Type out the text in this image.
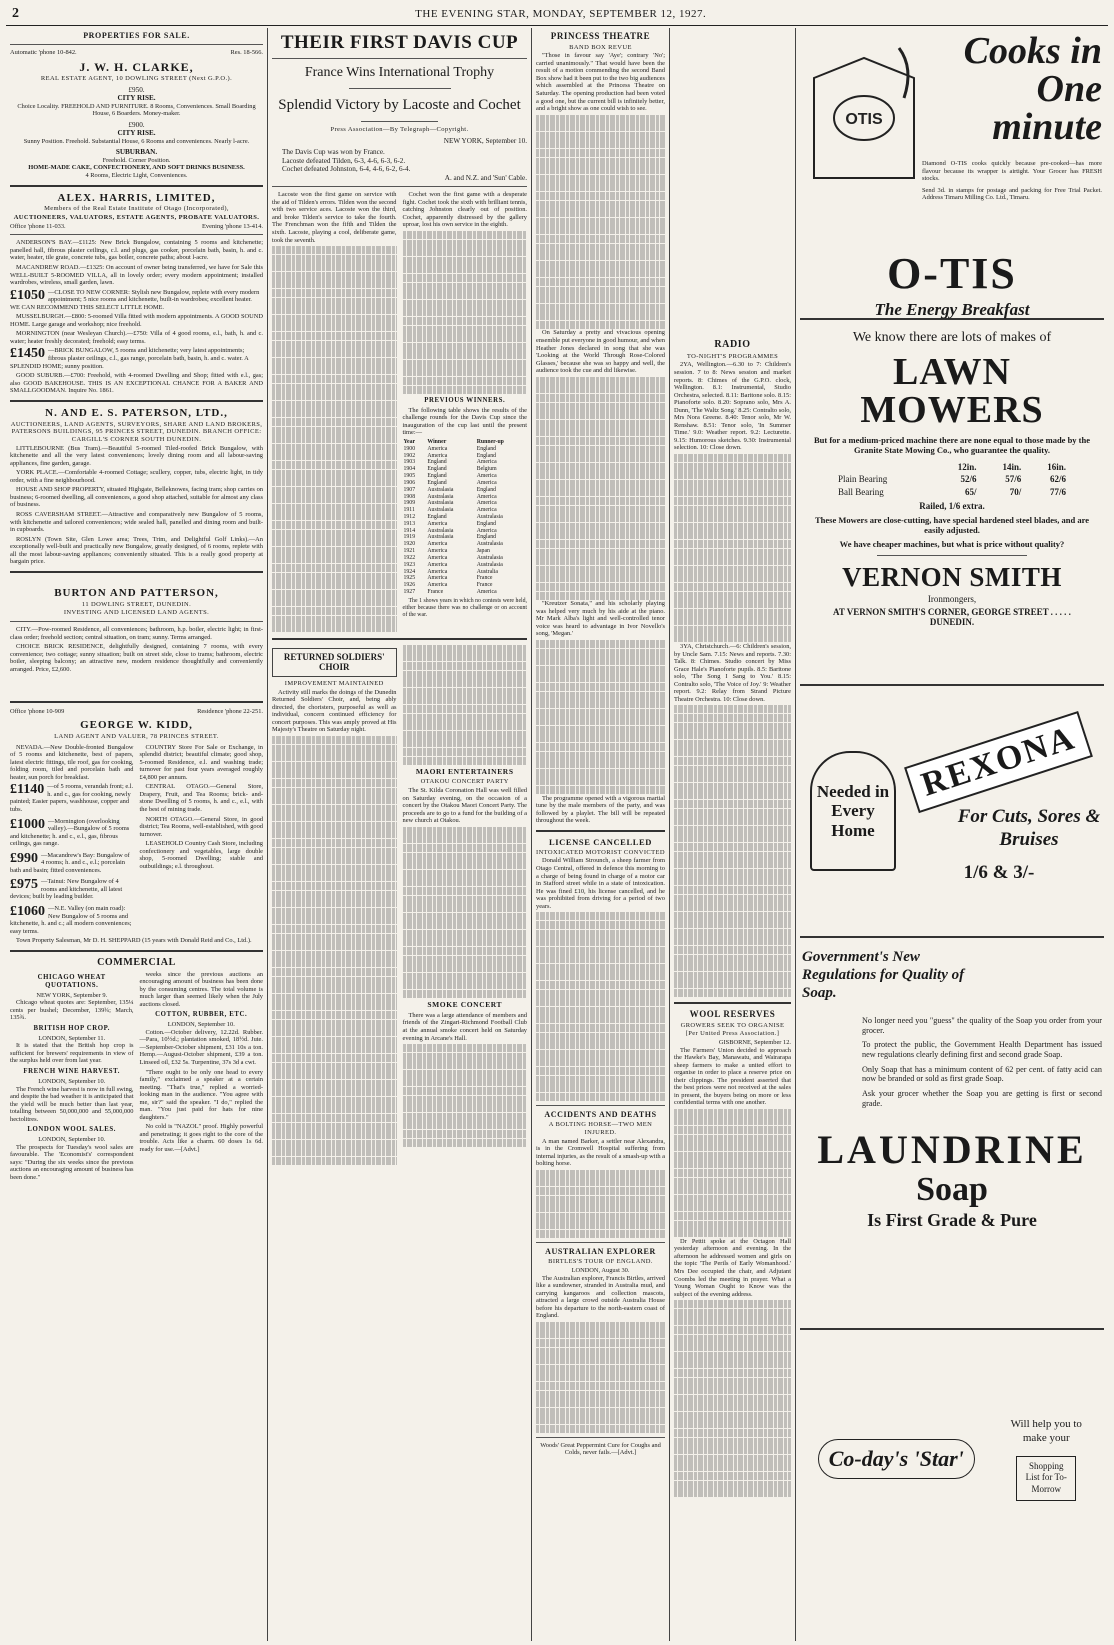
2	THE EVENING STAR, MONDAY, SEPTEMBER 12, 1927.
PROPERTIES FOR SALE.
Automatic 'phone 10-842.	Res. 18-566.
J. W. H. CLARKE,
REAL ESTATE AGENT, 10 DOWLING STREET (Next G.P.O.).
£950.
CITY RISE.
Choice Locality. FREEHOLD AND FURNITURE. 8 Rooms, Conveniences. Small Boarding House, 6 Boarders. Money-maker.
£900.
CITY RISE.
Sunny Position. Freehold. Substantial House, 6 Rooms and conveniences. Nearly l-acre.
SUBURBAN.
Freehold. Corner Position.
HOME-MADE CAKE, CONFECTIONERY, AND SOFT DRINKS BUSINESS.
4 Rooms, Electric Light, Conveniences.
ALEX. HARRIS, LIMITED,
Members of the Real Estate Institute of Otago (Incorporated),
AUCTIONEERS, VALUATORS, ESTATE AGENTS, PROBATE VALUATORS.
Office 'phone 11-033.	Evening 'phone 13-414.

ANDERSON'S BAY.—£1125: New Brick Bungalow, containing 5 rooms and kitchenette; panelled hall, fibrous plaster ceilings, c.l. and plugs, gas cooker, porcelain bath, basin, h. and c. water, heater, tile grate, concrete tubs, gas boiler, concrete paths; about l-acre.

MACANDREW ROAD.—£1325: On account of owner being transferred, we have for Sale this WELL-BUILT 5-ROOMED VILLA, all in lovely order; every modern appointment; installed wardrobes, wireless, small garden, lawn.

£1050 —CLOSE TO NEW CORNER: Stylish new Bungalow, replete with every modern appointment; 5 nice rooms and kitchenette, built-in wardrobes; excellent heater. WE CAN RECOMMEND THIS SELECT LITTLE HOME.

MUSSELBURGH.—£800: 5-roomed Villa fitted with modern appointments. A GOOD SOUND HOME. Large garage and workshop; nice freehold.

MORNINGTON (near Wesleyan Church).—£750: Villa of 4 good rooms, e.l., bath, h. and c. water; heater freshly decorated; freehold; easy terms.

£1450 —BRICK BUNGALOW, 5 rooms and kitchenette; very latest appointments; fibrous plaster ceilings, c.l., gas range, porcelain bath, basin, h. and c. water. A SPLENDID HOME; sunny position.

GOOD SUBURB.—£700: Freehold, with 4-roomed Dwelling and Shop; fitted with e.l., gas; also GOOD BAKEHOUSE. THIS IS AN EXCEPTIONAL CHANCE FOR A BAKER AND SMALLGOODMAN. Inquire No. 1861.

N. AND E. S. PATERSON, LTD.,
AUCTIONEERS, LAND AGENTS, SURVEYORS, SHARE AND LAND BROKERS, PATERSONS BUILDINGS, 95 PRINCES STREET, DUNEDIN. BRANCH OFFICE: CARGILL'S CORNER SOUTH DUNEDIN.

LITTLEBOURNE (Bus Tram).—Beautiful 5-roomed Tiled-roofed Brick Bungalow, with kitchenette and all the very latest conveniences; lovely dining room and all labour-saving appliances, fine garden, garage.

YORK PLACE.—Comfortable 4-roomed Cottage; scullery, copper, tubs, electric light, in tidy order, with a fine neighbourhood.

HOUSE AND SHOP PROPERTY, situated Highgate, Belleknowes, facing tram; shop carries on business; 6-roomed dwelling, all conveniences, a good shop attached, suitable for almost any class of business.

ROSS CAVERSHAM STREET.—Attractive and comparatively new Bungalow of 5 rooms, with kitchenette and tailored conveniences; wide sealed hall, panelled and dining room and built-in cupboards.

ROSLYN (Town Site, Glen Lowe area; Trees, Trim, and Delightful Golf Links).—An exceptionally well-built and practically new Bungalow, greatly designed, of 6 rooms, replete with all the most labour-saving appliances; conveniently situated. This is a really good property at bargain price.

BURTON AND PATTERSON,
11 DOWLING STREET, DUNEDIN.
INVESTING AND LICENSED LAND AGENTS.

CITY.—Pow-roomed Residence, all conveniences; bathroom, h.p. boiler, electric light; in first-class order; freehold section; central situation, on tram; sunny. Terms arranged.

CHOICE BRICK RESIDENCE, delightfully designed, containing 7 rooms, with every convenience; two cottage; sunny situation; built on street side, close to trams; bathroom, electric boiler, sleeping balcony; an attractive new, modern residence thoughtfully and conveniently arranged. Price, £2,600.

Office 'phone 10-909	Residence 'phone 22-251.
GEORGE W. KIDD,
LAND AGENT AND VALUER, 78 PRINCES STREET.

NEVADA.—New Double-fronted Bungalow of 5 rooms and kitchenette, best of papers, latest electric fittings, tile roof, gas for cooking, folding room, tiled and porcelain bath and heater, sun porch for breakfast.

£1140 —of 5 rooms, verandah front; e.l. h. and c., gas for cooking, newly painted; Easier papers, washhouse, copper and tubs.
£1000 —Mornington (overlooking valley).—Bungalow of 5 rooms and kitchenette; h. and c., e.l., gas, fibrous ceilings, gas range.
£990 —Macandrew's Bay: Bungalow of 4 rooms; h. and c., e.l.; porcelain bath and basin; fitted conveniences.
£975 —Tainui: New Bungalow of 4 rooms and kitchenette, all latest devices; built by leading builder.
£1060 —N.E. Valley (on main road): New Bungalow of 5 rooms and kitchenette, h. and c.; all modern conveniences; easy terms.

COUNTRY Store For Sale or Exchange, in splendid district; beautiful climate; good shop, 5-roomed Residence, e.l. and washing trade; turnover for past four years averaged roughly £4,800 per annum.

CENTRAL OTAGO.—General Store, Drapery, Fruit, and Tea Rooms; brick- and-stone Dwelling of 5 rooms, h. and c., e.l., with the best of mining trade.

NORTH OTAGO.—General Store, in good district; Tea Rooms, well-established, with good turnover.

LEASEHOLD Country Cash Store, including confectionery and vegetables, large double shop, 5-roomed Dwelling; stable and outbuildings; e.l. throughout.

Town Property Salesman, Mr D. H. SHEPPARD (15 years with Donald Reid and Co., Ltd.).

COMMERCIAL
CHICAGO WHEAT QUOTATIONS.
NEW YORK, September 9.

Chicago wheat quotes are: September, 135¼ cents per bushel; December, 139¾; March, 135¾.

BRITISH HOP CROP.
LONDON, September 11.

It is stated that the British hop crop is sufficient for brewers' requirements in view of the surplus held over from last year.

FRENCH WINE HARVEST.
LONDON, September 10.

The French wine harvest is now in full swing, and despite the bad weather it is anticipated that the yield will be much better than last year, totalling between 50,000,000 and 55,000,000 hectolitres.

LONDON WOOL SALES.
LONDON, September 10.

The prospects for Tuesday's wool sales are favourable. The 'Economist's' correspondent says: "During the six weeks since the previous auctions an encouraging amount of business has been done."

weeks since the previous auctions an encouraging amount of business has been done by the consuming centres. The total volume is much larger than seemed likely when the July auctions closed.

COTTON, RUBBER, ETC.
LONDON, September 10.

Cotton.—October delivery, 12.22d. Rubber.—Para, 10½d.; plantation smoked, 18½d. Jute.—September-October shipment, £31 10s a ton. Hemp.—August-October shipment, £39 a ton. Linseed oil, £32 5s. Turpentine, 37s 3d a cwt.

"There ought to be only one head to every family," exclaimed a speaker at a certain meeting. "That's true," replied a worried-looking man in the audience. "You agree with me, sir?" said the speaker. "I do," replied the man. "You just paid for hats for nine daughters."

No cold is "NAZOL" proof. Highly powerful and penetrating; it goes right to the core of the trouble. Acts like a charm. 60 doses 1s 6d. ready for use.—[Advt.]

THEIR FIRST DAVIS CUP
France Wins International Trophy
Splendid Victory by Lacoste and Cochet
Press Association—By Telegraph—Copyright.
NEW YORK, September 10.
The Davis Cup was won by France.
Lacoste defeated Tilden, 6-3, 4-6, 6-3, 6-2.
Cochet defeated Johnston, 6-4, 4-6, 6-2, 6-4.
A. and N.Z. and 'Sun' Cable.

Lacoste won the first game on service with the aid of Tilden's errors. Tilden won the second with two service aces. Lacoste won the third, and broke Tilden's service to take the fourth. The Frenchman won the fifth and Tilden the sixth. Lacoste, playing a cool, deliberate game, took the seventh.

Cochet won the first game with a desperate fight. Cochet took the sixth with brilliant tennis, catching Johnston clearly out of position. Cochet, apparently distressed by the gallery uproar, lost his own service in the eighth.

PREVIOUS WINNERS.

The following table shows the results of the challenge rounds for the Davis Cup since the inauguration of the cup last until the present time:—

Year	Winner	Runner-up
1900	America	England
1902	America	England
1903	England	America
1904	England	Belgium
1905	England	America
1906	England	America
1907	Australasia	England
1908	Australasia	America
1909	Australasia	America
1911	Australasia	America
1912	England	Australasia
1913	America	England
1914	Australasia	America
1919	Australasia	England
1920	America	Australasia
1921	America	Japan
1922	America	Australasia
1923	America	Australasia
1924	America	Australia
1925	America	France
1926	America	France
1927	France	America

The 1 shows years in which no contests were held, either because there was no challenge or on account of the war.

RETURNED SOLDIERS' CHOIR
IMPROVEMENT MAINTAINED

Activity still marks the doings of the Dunedin Returned Soldiers' Choir, and, being ably directed, the choristers, purposeful as well as individual, concern continued efficiency for concert purposes. This was amply proved at His Majesty's Theatre on Saturday night.

MAORI ENTERTAINERS
OTAKOU CONCERT PARTY

The St. Kilda Coronation Hall was well filled on Saturday evening, on the occasion of a concert by the Otakou Maori Concert Party. The proceeds are to go to a fund for the building of a new church at Otakou.

SMOKE CONCERT

There was a large attendance of members and friends of the Zingari-Richmond Football Club at the annual smoke concert held on Saturday evening in Arcane's Hall.

PRINCESS THEATRE
BAND BOX REVUE

"Those in favour say 'Aye'; contrary 'No'; carried unanimously." That would have been the result of a motion commending the second Band Box show had it been put to the two big audiences which assembled at the Princess Theatre on Saturday. The opening production had been voted a good one, but the current bill is infinitely better, and a bright show as one could wish to see.

On Saturday a pretty and vivacious opening ensemble put everyone in good humour, and when Heather Jones declared in song that she was 'Looking at the World Through Rose-Colored Glasses,' because she was so happy and well, the audience took the cue and did likewise.

"Kreutzer Sonata," and his scholarly playing was helped very much by his aide at the piano. Mr Mark Alba's light and well-controlled tenor voice was heard to advantage in Ivor Novello's song, 'Megan.'

The programme opened with a vigorous martial tune by the male members of the party, and was followed by a playlet. The bill will be repeated throughout the week.

LICENSE CANCELLED
INTOXICATED MOTORIST CONVICTED

Donald William Strounch, a sheep farmer from Otago Central, offered in defence this morning to a charge of being found in charge of a motor car in Stafford street while in a state of intoxication. He was fined £10, his license cancelled, and he was prohibited from driving for a period of two years.

ACCIDENTS AND DEATHS
A BOLTING HORSE—TWO MEN INJURED.

A man named Barker, a settler near Alexandra, is in the Cromwell Hospital suffering from internal injuries, as the result of a smash-up with a bolting horse.

AUSTRALIAN EXPLORER
BIRTLES'S TOUR OF ENGLAND.
LONDON, August 30.

The Australian explorer, Francis Birtles, arrived like a sundowner, stranded in Australia mud, and carrying kangaroos and collection mascots, attracted a large crowd outside Australia House before his departure to the north-eastern coast of England.

Woods' Great Peppermint Cure for Coughs and Colds, never fails.—[Advt.]
RADIO
TO-NIGHT'S PROGRAMMES

2YA, Wellington.—6.30 to 7: Children's session. 7 to 8: News session and market reports. 8: Chimes of the G.P.O. clock, Wellington. 8.1: Instrumental, Studio Orchestra, selected. 8.11: Baritone solo. 8.15: Pianoforte solo. 8.20: Soprano solo, Mrs A. Dunn, 'The Waltz Song.' 8.25: Contralto solo, Mrs Nora Greene. 8.40: Tenor solo, Mr W. Renshaw. 8.51: Tenor solo, 'In Summer Time.' 9.0: Weather report. 9.2: Lecturette. 9.15: Humorous sketches. 9.30: Instrumental selection. 10: Close down.

3YA, Christchurch.—6: Children's session, by Uncle Sam. 7.15: News and reports. 7.30: Talk. 8: Chimes. Studio concert by Miss Grace Hale's Pianoforte pupils. 8.5: Baritone solo, 'The Song I Sang to You.' 8.15: Contralto solo, 'The Voice of Joy.' 9: Weather report. 9.2: Relay from Strand Picture Theatre Orchestra. 10: Close down.

WOOL RESERVES
GROWERS SEEK TO ORGANISE
[Per United Press Association.]
GISBORNE, September 12.

The Farmers' Union decided to approach the Hawke's Bay, Manawatu, and Wairarapa sheep farmers to make a united effort to organise in order to place a reserve price on their clippings. The president asserted that the best prices were not received at the sales in present, the buyers being on more or less confidential terms with one another.

Dr Pettit spoke at the Octagon Hall yesterday afternoon and evening. In the afternoon he addressed women and girls on the topic 'The Perils of Early Womanhood.' Mrs Dee occupied the chair, and Adjutant Coombs led the meeting in prayer. What a Young Woman Ought to Know was the subject of the evening address.

OTIS
Cooks in One minute
Diamond O-TIS cooks quickly because pre-cooked—has more flavour because its wrapper is airtight. Your Grocer has FRESH stocks.
Send 3d. in stamps for postage and packing for Free Trial Packet. Address Timaru Milling Co. Ltd., Timaru.
O-TIS
The Energy Breakfast
We know there are lots of makes of
LAWN MOWERS
But for a medium-priced machine there are none equal to those made by the Granite State Mowing Co., who guarantee the quality.
	12in.	14in.	16in.
Plain Bearing	52/6	57/6	62/6
Ball Bearing	65/	70/	77/6
Railed, 1/6 extra.
These Mowers are close-cutting, have special hardened steel blades, and are easily adjusted.
We have cheaper machines, but what is price without quality?
VERNON SMITH
Ironmongers,
AT VERNON SMITH'S CORNER, GEORGE STREET . . . . . DUNEDIN.
Needed in Every Home
REXONA
For Cuts, Sores & Bruises
1/6 & 3/-
Government's New Regulations for Quality of Soap.
No longer need you "guess" the quality of the Soap you order from your grocer.
To protect the public, the Government Health Department has issued new regulations clearly defining first and second grade Soap.
Only Soap that has a minimum content of 62 per cent. of fatty acid can now be branded or sold as first grade Soap.
Ask your grocer whether the Soap you are getting is first or second grade.
LAUNDRINE
Soap
Is First Grade & Pure
Co-day's 'Star'
Will help you to make your
Shopping List for To-Morrow
